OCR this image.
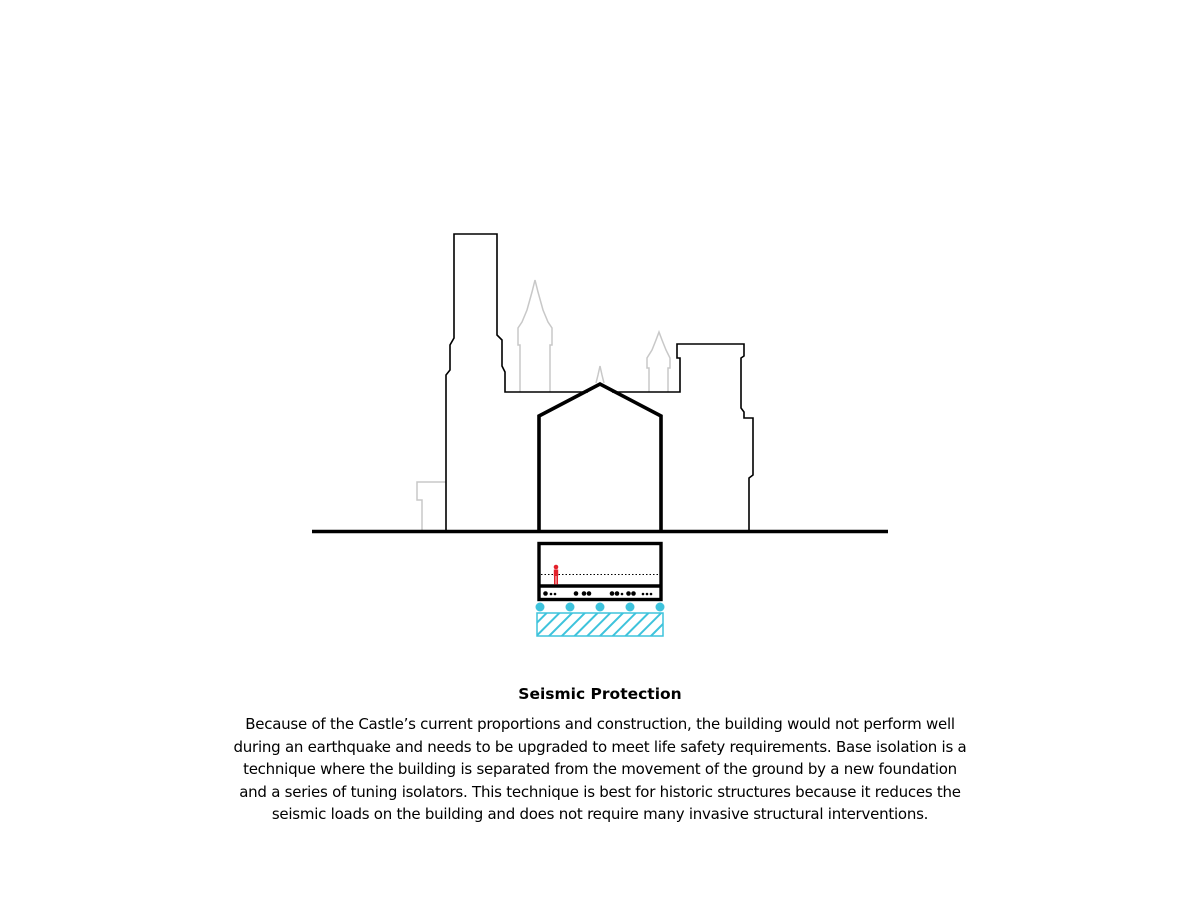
Seismic Protection
Because of the Castle’s current proportions and construction, the building would not perform well during an earthquake and needs to be upgraded to meet life safety requirements. Base isolation is a technique where the building is separated from the movement of the ground by a new foundation and a series of tuning isolators. This technique is best for historic structures because it reduces the seismic loads on the building and does not require many invasive structural interventions.
